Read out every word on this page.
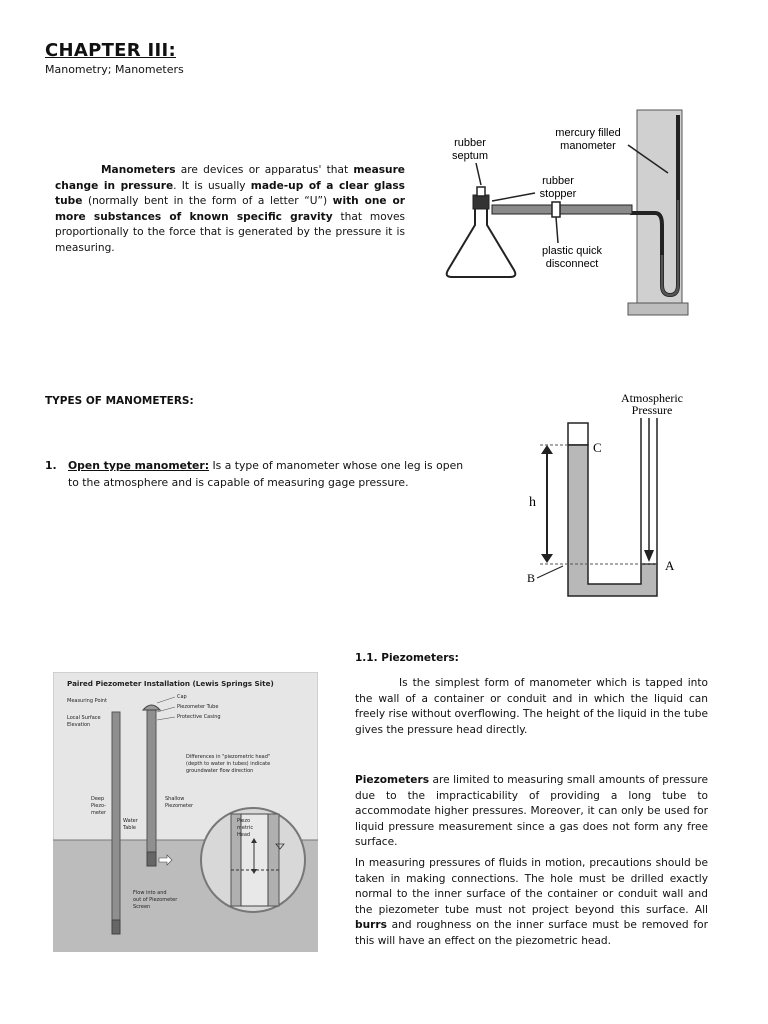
CHAPTER III:
Manometry; Manometers
Manometers are devices or apparatus' that measure change in pressure. It is usually made-up of a clear glass tube (normally bent in the form of a letter “U”) with one or more substances of known specific gravity that moves proportionally to the force that is generated by the pressure it is measuring.
mercury filled
manometer
rubber
septum
rubber
stopper
plastic quick
disconnect
TYPES OF MANOMETERS:
1. Open type manometer: Is a type of manometer whose one leg is open to the atmosphere and is capable of measuring gage pressure.
Atmospheric
Pressure
C
h
A
B
1.1. Piezometers:
Is the simplest form of manometer which is tapped into the wall of a container or conduit and in which the liquid can freely rise without overflowing. The height of the liquid in the tube gives the pressure head directly.
Piezometers are limited to measuring small amounts of pressure due to the impracticability of providing a long tube to accommodate higher pressures. Moreover, it can only be used for liquid pressure measurement since a gas does not form any free surface.
In measuring pressures of fluids in motion, precautions should be taken in making connections. The hole must be drilled exactly normal to the inner surface of the container or conduit wall and the piezometer tube must not project beyond this surface. All burrs and roughness on the inner surface must be removed for this will have an effect on the piezometric head.
Paired Piezometer Installation (Lewis Springs Site)
Measuring Point
Local Surface
Elevation
Cap
Piezometer Tube
Protective Casing
Differences in "piezometric head"
(depth to water in tubes) indicate
groundwater flow direction
Deep
Piezo-
meter
Water
Table
Shallow
Piezometer
Piezo
metric
Head
Flow into and
out of Piezometer
Screen
